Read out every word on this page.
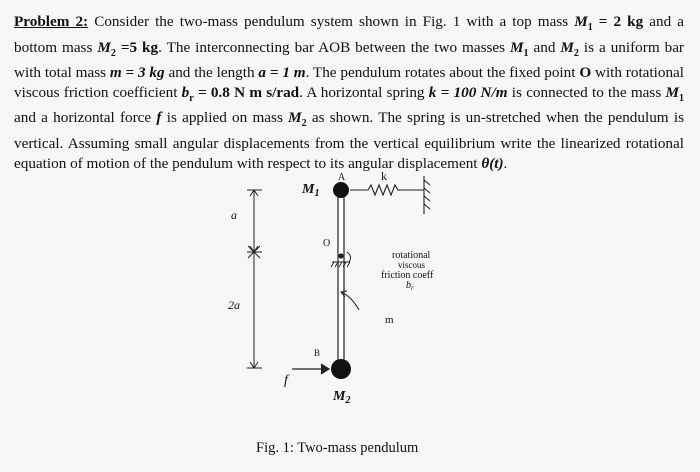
Problem 2: Consider the two-mass pendulum system shown in Fig. 1 with a top mass $M_1 = 2$ kg and a bottom mass $M_2 =5$ kg. The interconnecting bar AOB between the two masses $M_1$ and $M_2$ is a uniform bar with total mass m = 3 kg and the length a = 1 m. The pendulum rotates about the fixed point O with rotational viscous friction coefficient $b_r = 0.8$ N m s/rad. A horizontal spring k = 100 N/m is connected to the mass $M_1$ and a horizontal force f is applied on mass $M_2$ as shown. The spring is un-stretched when the pendulum is vertical. Assuming small angular displacements from the vertical equilibrium write the linearized rotational equation of motion of the pendulum with respect to its angular displacement θ(t).
$M_1$
A	k
O
a
2a
rotational
viscous
friction coeff
$b_r$
m
B
f
$M_2$
Fig. 1: Two-mass pendulum
